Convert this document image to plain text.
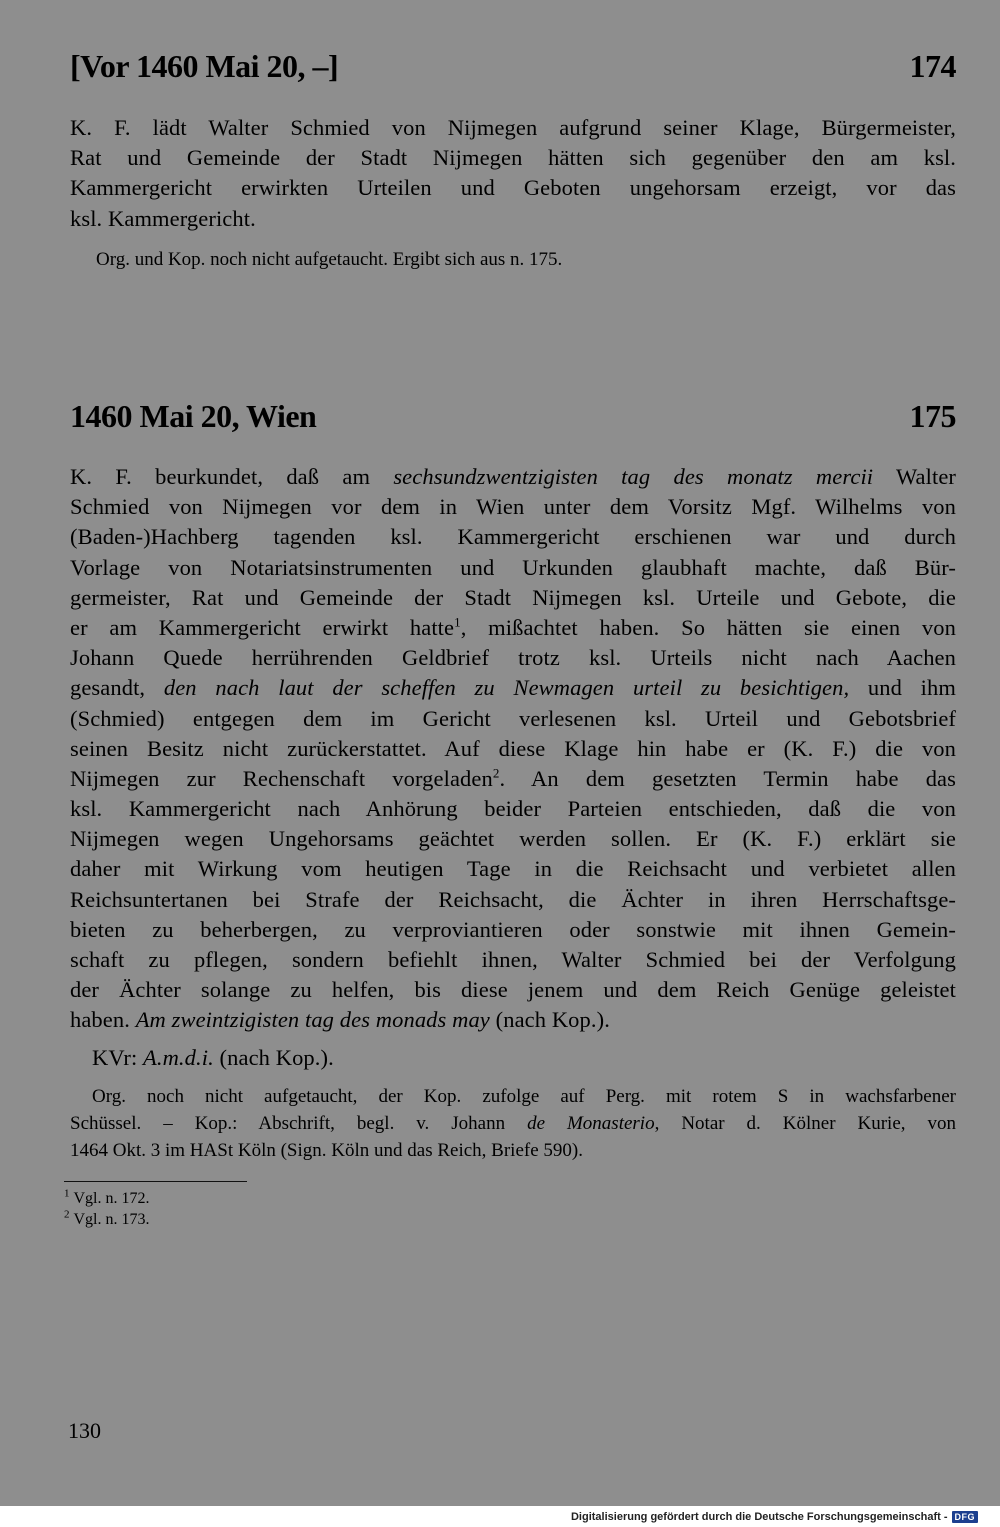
[Vor 1460 Mai 20, –]	174
K. F. lädt Walter Schmied von Nijmegen aufgrund seiner Klage, Bürgermeister,
Rat und Gemeinde der Stadt Nijmegen hätten sich gegenüber den am ksl.
Kammergericht erwirkten Urteilen und Geboten ungehorsam erzeigt, vor das
ksl. Kammergericht.
Org. und Kop. noch nicht aufgetaucht. Ergibt sich aus n. 175.
1460 Mai 20, Wien	175
K. F. beurkundet, daß am sechsundzwentzigisten tag des monatz mercii Walter
Schmied von Nijmegen vor dem in Wien unter dem Vorsitz Mgf. Wilhelms von
(Baden-)Hachberg tagenden ksl. Kammergericht erschienen war und durch
Vorlage von Notariatsinstrumenten und Urkunden glaubhaft machte, daß Bür-
germeister, Rat und Gemeinde der Stadt Nijmegen ksl. Urteile und Gebote, die
er am Kammergericht erwirkt hatte$^1$, mißachtet haben. So hätten sie einen von
Johann Quede herrührenden Geldbrief trotz ksl. Urteils nicht nach Aachen
gesandt, den nach laut der scheffen zu Newmagen urteil zu besichtigen, und ihm
(Schmied) entgegen dem im Gericht verlesenen ksl. Urteil und Gebotsbrief
seinen Besitz nicht zurückerstattet. Auf diese Klage hin habe er (K. F.) die von
Nijmegen zur Rechenschaft vorgeladen$^2$. An dem gesetzten Termin habe das
ksl. Kammergericht nach Anhörung beider Parteien entschieden, daß die von
Nijmegen wegen Ungehorsams geächtet werden sollen. Er (K. F.) erklärt sie
daher mit Wirkung vom heutigen Tage in die Reichsacht und verbietet allen
Reichsuntertanen bei Strafe der Reichsacht, die Ächter in ihren Herrschaftsge-
bieten zu beherbergen, zu verproviantieren oder sonstwie mit ihnen Gemein-
schaft zu pflegen, sondern befiehlt ihnen, Walter Schmied bei der Verfolgung
der Ächter solange zu helfen, bis diese jenem und dem Reich Genüge geleistet
haben. Am zweintzigisten tag des monads may (nach Kop.).
KVr: A.m.d.i. (nach Kop.).
Org. noch nicht aufgetaucht, der Kop. zufolge auf Perg. mit rotem S in wachsfarbener
Schüssel. – Kop.: Abschrift, begl. v. Johann de Monasterio, Notar d. Kölner Kurie, von
1464 Okt. 3 im HASt Köln (Sign. Köln und das Reich, Briefe 590).
$^1$ Vgl. n. 172.
$^2$ Vgl. n. 173.
130
Digitalisierung gefördert durch die Deutsche Forschungsgemeinschaft - DFG
